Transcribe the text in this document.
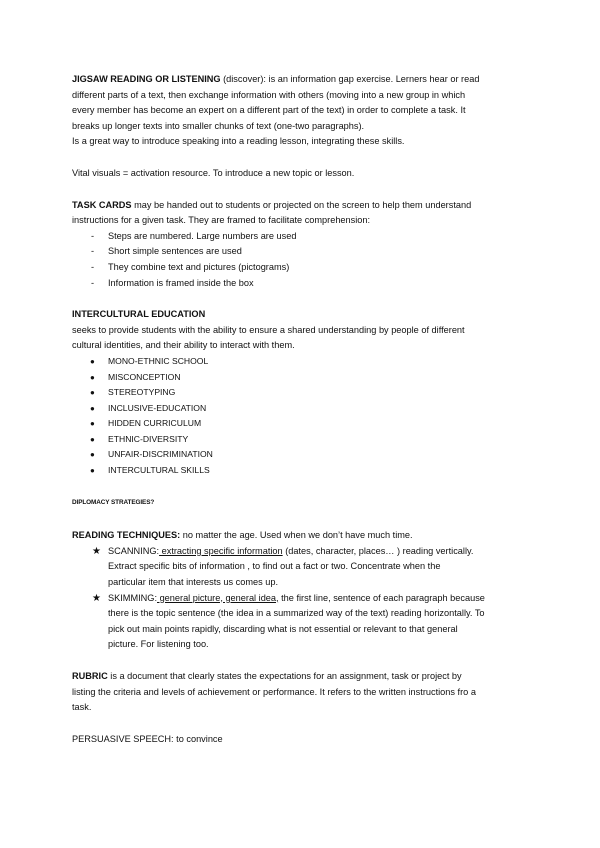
JIGSAW READING OR LISTENING (discover): is an information gap exercise. Lerners hear or read

different parts of a text, then exchange information with others (moving into a new group in which

every member has become an expert on a different part of the text) in order to complete a task. It

breaks up longer texts into smaller chunks of text (one-two paragraphs).

Is a great way to introduce speaking into a reading lesson, integrating these skills.

Vital visuals = activation resource. To introduce a new topic or lesson.

TASK CARDS may be handed out to students or projected on the screen to help them understand

instructions for a given task. They are framed to facilitate comprehension:

- Steps are numbered. Large numbers are used
- Short simple sentences are used
- They combine text and pictures (pictograms)
- Information is framed inside the box

INTERCULTURAL EDUCATION

seeks to provide students with the ability to ensure a shared understanding by people of different

cultural identities, and their ability to interact with them.

● MONO-ETHNIC SCHOOL
● MISCONCEPTION
● STEREOTYPING
● INCLUSIVE-EDUCATION
● HIDDEN CURRICULUM
● ETHNIC-DIVERSITY
● UNFAIR-DISCRIMINATION
● INTERCULTURAL SKILLS

DIPLOMACY STRATEGIES?

READING TECHNIQUES: no matter the age. Used when we don’t have much time.

★ SCANNING: extracting specific information (dates, character, places… ) reading vertically.

Extract specific bits of information , to find out a fact or two. Concentrate when the

particular item that interests us comes up.

★ SKIMMING: general picture, general idea, the first line, sentence of each paragraph because

there is the topic sentence (the idea in a summarized way of the text) reading horizontally. To

pick out main points rapidly, discarding what is not essential or relevant to that general

picture. For listening too.

RUBRIC is a document that clearly states the expectations for an assignment, task or project by

listing the criteria and levels of achievement or performance. It refers to the written instructions fro a

task.

PERSUASIVE SPEECH: to convince
